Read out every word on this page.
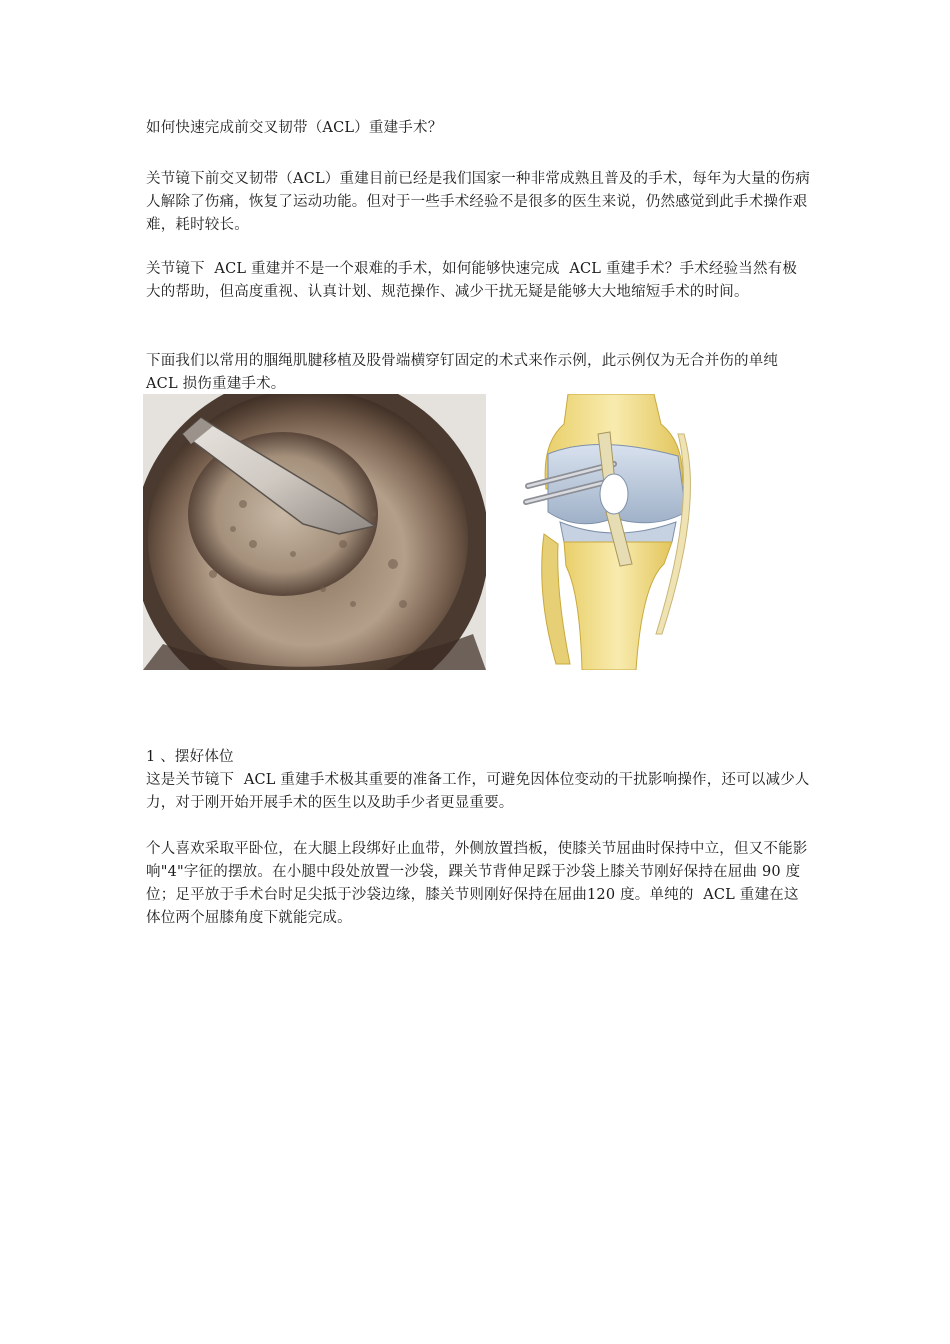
如何快速完成前交叉韧带（ACL）重建手术？

关节镜下前交叉韧带（ACL）重建目前已经是我们国家一种非常成熟且普及的手术，每年为大量的伤病人解除了伤痛，恢复了运动功能。但对于一些手术经验不是很多的医生来说，仍然感觉到此手术操作艰难，耗时较长。

关节镜下  ACL 重建并不是一个艰难的手术，如何能够快速完成  ACL 重建手术？手术经验当然有极大的帮助，但高度重视、认真计划、规范操作、减少干扰无疑是能够大大地缩短手术的时间。

下面我们以常用的腘绳肌腱移植及股骨端横穿钉固定的术式来作示例，此示例仅为无合并伤的单纯  ACL 损伤重建手术。

1 、摆好体位

这是关节镜下  ACL 重建手术极其重要的准备工作，可避免因体位变动的干扰影响操作，还可以减少人力，对于刚开始开展手术的医生以及助手少者更显重要。

个人喜欢采取平卧位，在大腿上段绑好止血带，外侧放置挡板，使膝关节屈曲时保持中立，但又不能影响"4"字征的摆放。在小腿中段处放置一沙袋，踝关节背伸足踩于沙袋上膝关节刚好保持在屈曲 90 度位；足平放于手术台时足尖抵于沙袋边缘，膝关节则刚好保持在屈曲120 度。单纯的  ACL 重建在这体位两个屈膝角度下就能完成。
